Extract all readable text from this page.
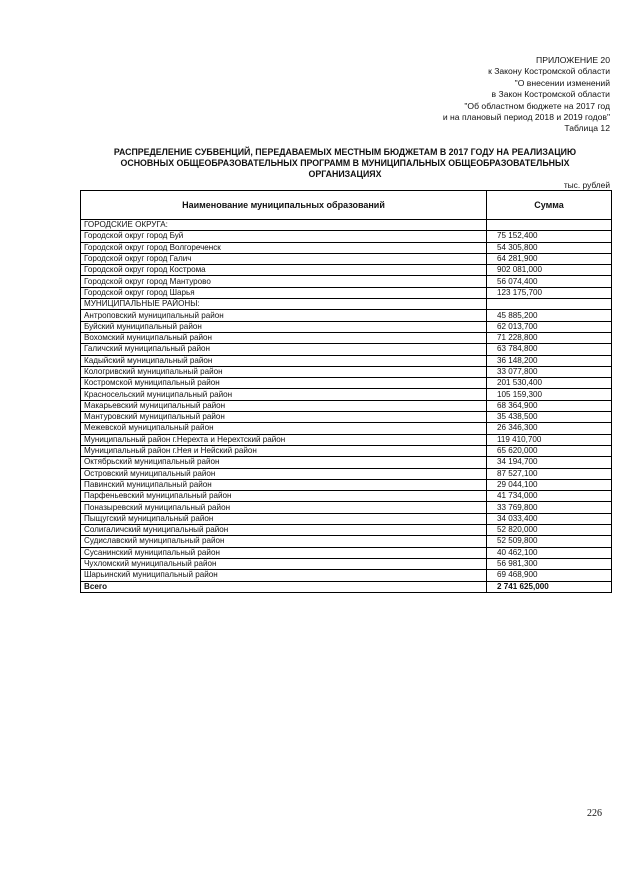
ПРИЛОЖЕНИЕ 20
к Закону Костромской области
"О внесении изменений
в Закон Костромской области
"Об областном бюджете на 2017 год
и на плановый период 2018 и 2019 годов"
Таблица 12
РАСПРЕДЕЛЕНИЕ СУБВЕНЦИЙ, ПЕРЕДАВАЕМЫХ МЕСТНЫМ БЮДЖЕТАМ В 2017 ГОДУ НА РЕАЛИЗАЦИЮ
ОСНОВНЫХ ОБЩЕОБРАЗОВАТЕЛЬНЫХ ПРОГРАММ В МУНИЦИПАЛЬНЫХ ОБЩЕОБРАЗОВАТЕЛЬНЫХ
ОРГАНИЗАЦИЯХ
тыс. рублей
Наименование муниципальных образований	Сумма
ГОРОДСКИЕ ОКРУГА:	
Городской округ город Буй	75 152,400
Городской округ город Волгореченск	54 305,800
Городской округ город Галич	64 281,900
Городской округ город Кострома	902 081,000
Городской округ город Мантурово	56 074,400
Городской округ город Шарья	123 175,700
МУНИЦИПАЛЬНЫЕ РАЙОНЫ:	
Антроповский муниципальный район	45 885,200
Буйский муниципальный район	62 013,700
Вохомский муниципальный район	71 228,800
Галичский муниципальный район	63 784,800
Кадыйский муниципальный район	36 148,200
Кологривский муниципальный район	33 077,800
Костромской муниципальный район	201 530,400
Красносельский муниципальный район	105 159,300
Макарьевский муниципальный район	68 364,900
Мантуровский муниципальный район	35 438,500
Межевской муниципальный район	26 346,300
Муниципальный район г.Нерехта и Нерехтский район	119 410,700
Муниципальный район г.Нея и Нейский район	65 620,000
Октябрьский муниципальный район	34 194,700
Островский муниципальный район	87 527,100
Павинский муниципальный район	29 044,100
Парфеньевский муниципальный район	41 734,000
Поназыревский муниципальный район	33 769,800
Пыщугский муниципальный район	34 033,400
Солигаличский муниципальный район	52 820,000
Судиславский муниципальный район	52 509,800
Сусанинский муниципальный район	40 462,100
Чухломский муниципальный район	56 981,300
Шарьинский муниципальный район	69 468,900
Всего	2 741 625,000
226
